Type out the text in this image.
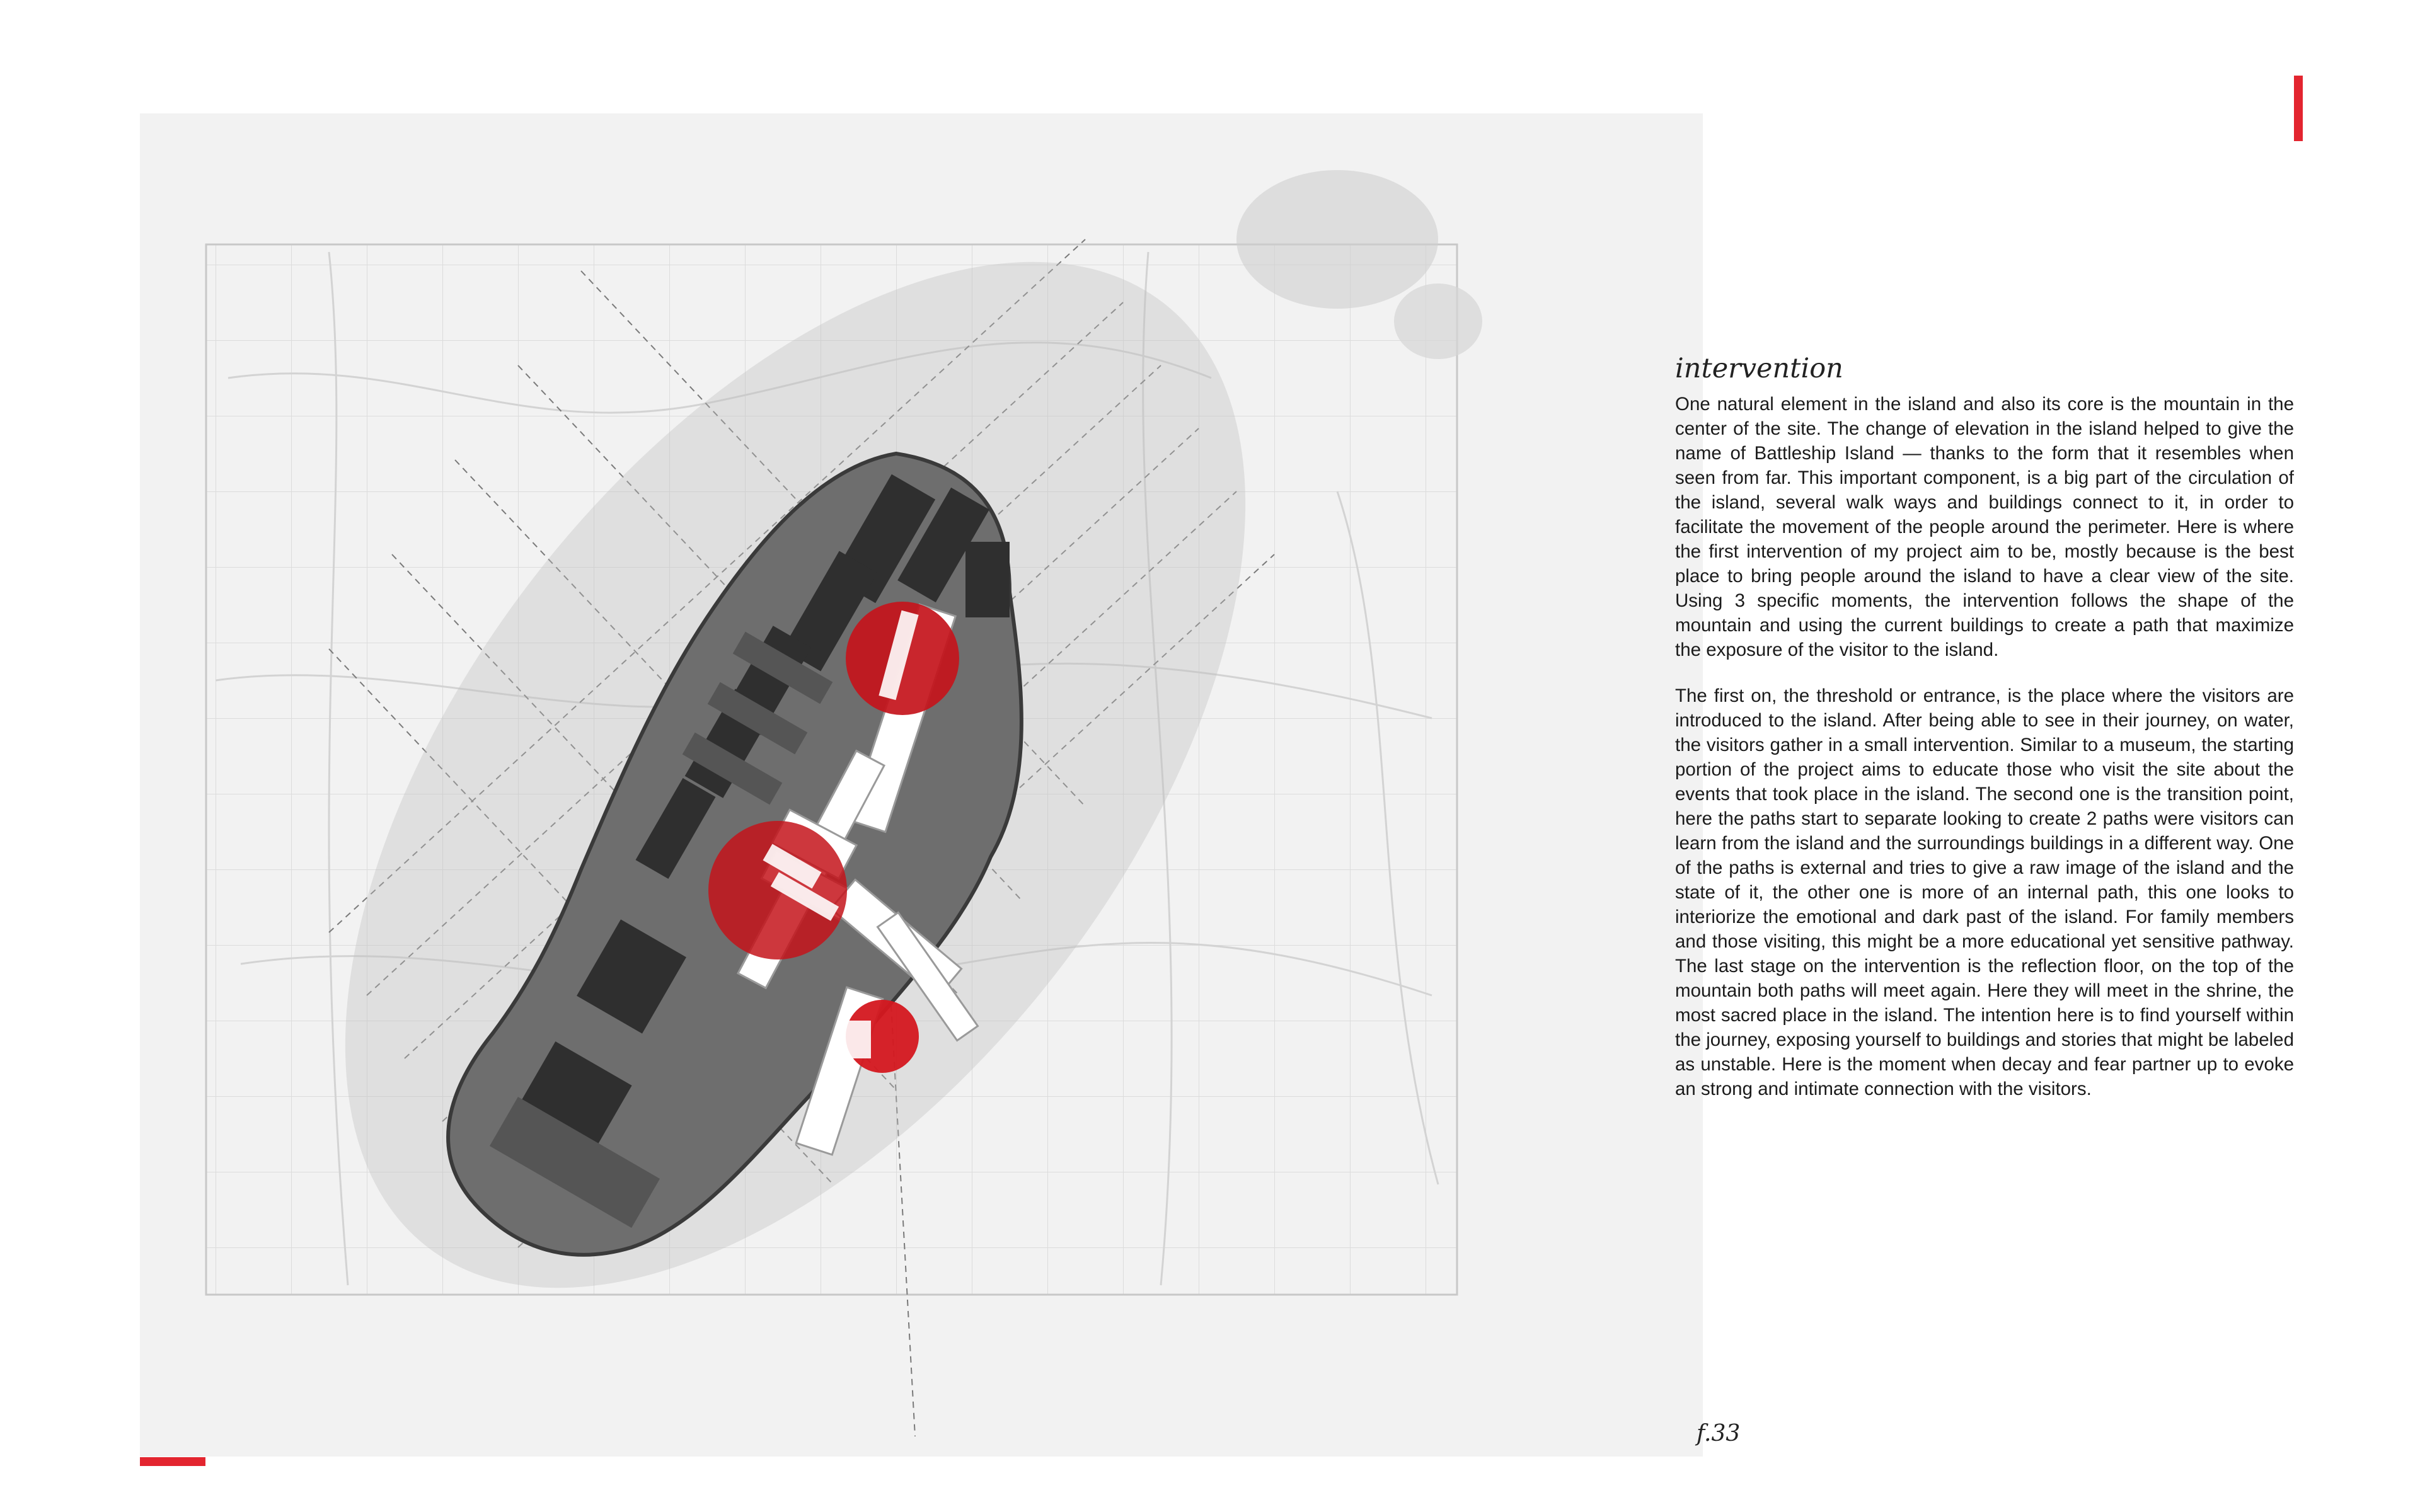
intervention

One natural element in the island and also its core is the mountain in the center of the site. The change of elevation in the island helped to give the name of Battleship Island — thanks to the form that it resembles when seen from far. This important component, is a big part of the circulation of the island, several walk ways and buildings connect to it, in order to facilitate the movement of the people around the perimeter. Here is where the first intervention of my project aim to be, mostly because is the best place to bring people around the island to have a clear view of the site. Using 3 specific moments, the intervention follows the shape of the mountain and using the current buildings to create a path that maximize the exposure of the visitor to the island.

The first on, the threshold or entrance, is the place where the visitors are introduced to the island. After being able to see in their journey, on water, the visitors gather in a small intervention. Similar to a museum, the starting portion of the project aims to educate those who visit the site about the events that took place in the island. The second one is the transition point, here the paths start to separate looking to create 2 paths were visitors can learn from the island and the surroundings buildings in a different way. One of the paths is external and tries to give a raw image of the island and the state of it, the other one is more of an internal path, this one looks to interiorize the emotional and dark past of the island. For family members and those visiting, this might be a more educational yet sensitive pathway. The last stage on the intervention is the reflection floor, on the top of the mountain both paths will meet again. Here they will meet in the shrine, the most sacred place in the island. The intention here is to find yourself within the journey, exposing yourself to buildings and stories that might be labeled as unstable. Here is the moment when decay and fear partner up to evoke an strong and intimate connection with the visitors.

f.33
